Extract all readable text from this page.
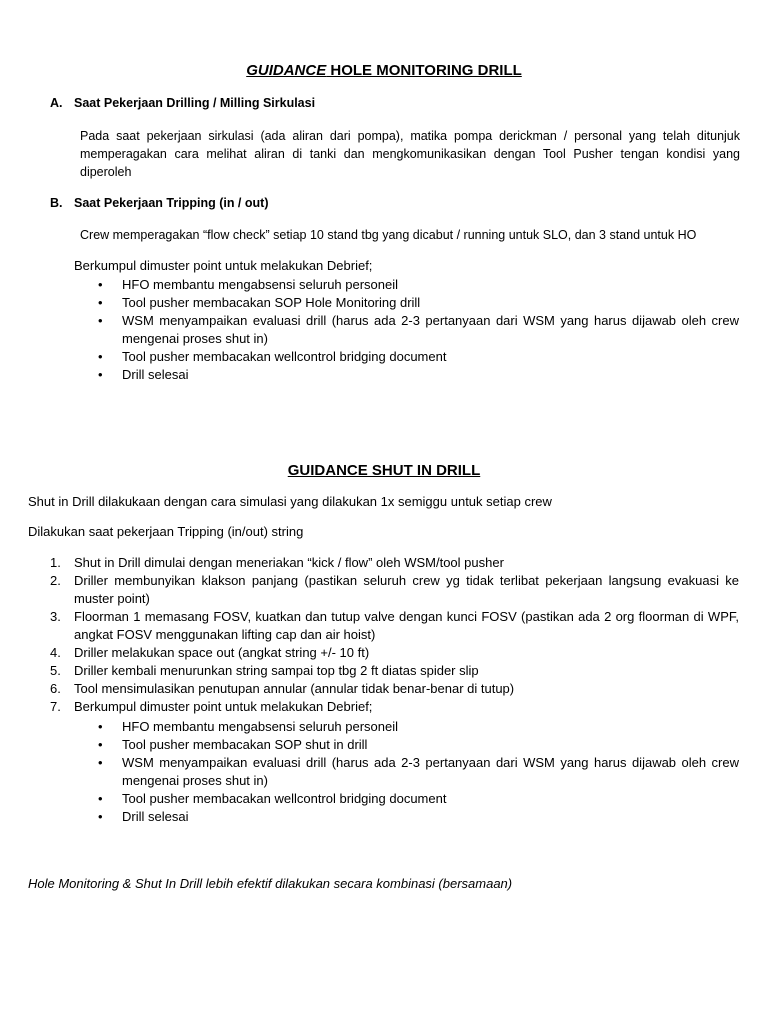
GUIDANCE HOLE MONITORING DRILL
A. Saat Pekerjaan Drilling / Milling Sirkulasi
Pada saat pekerjaan sirkulasi (ada aliran dari pompa), matika pompa derickman / personal yang telah ditunjuk memperagakan cara melihat aliran di tanki dan mengkomunikasikan dengan Tool Pusher tengan kondisi yang diperoleh
B. Saat Pekerjaan Tripping (in / out)
Crew memperagakan “flow check” setiap 10 stand tbg yang dicabut / running untuk SLO, dan 3 stand untuk HO
Berkumpul dimuster point untuk melakukan Debrief;
•	HFO membantu mengabsensi seluruh personeil
•	Tool pusher membacakan SOP Hole Monitoring drill
•	WSM menyampaikan evaluasi drill (harus ada 2-3 pertanyaan dari WSM yang harus dijawab oleh crew mengenai proses shut in)
•	Tool pusher membacakan wellcontrol bridging document
•	Drill selesai
GUIDANCE SHUT IN DRILL
Shut in Drill dilakukaan dengan cara simulasi yang dilakukan 1x semiggu untuk setiap crew
Dilakukan saat pekerjaan Tripping (in/out) string
1.	Shut in Drill dimulai dengan meneriakan “kick / flow” oleh WSM/tool pusher
2.	Driller membunyikan klakson panjang (pastikan seluruh crew yg tidak terlibat pekerjaan langsung evakuasi ke muster point)
3.	Floorman 1 memasang FOSV, kuatkan dan tutup valve dengan kunci FOSV (pastikan ada 2 org floorman di WPF, angkat FOSV menggunakan lifting cap dan air hoist)
4.	Driller melakukan space out (angkat string +/- 10 ft)
5.	Driller kembali menurunkan string sampai top tbg 2 ft diatas spider slip
6.	Tool mensimulasikan penutupan annular (annular tidak benar-benar di tutup)
7.	Berkumpul dimuster point untuk melakukan Debrief;
•	HFO membantu mengabsensi seluruh personeil
•	Tool pusher membacakan SOP shut in drill
•	WSM menyampaikan evaluasi drill (harus ada 2-3 pertanyaan dari WSM yang harus dijawab oleh crew mengenai proses shut in)
•	Tool pusher membacakan wellcontrol bridging document
•	Drill selesai
Hole Monitoring & Shut In Drill lebih efektif dilakukan secara kombinasi (bersamaan)
